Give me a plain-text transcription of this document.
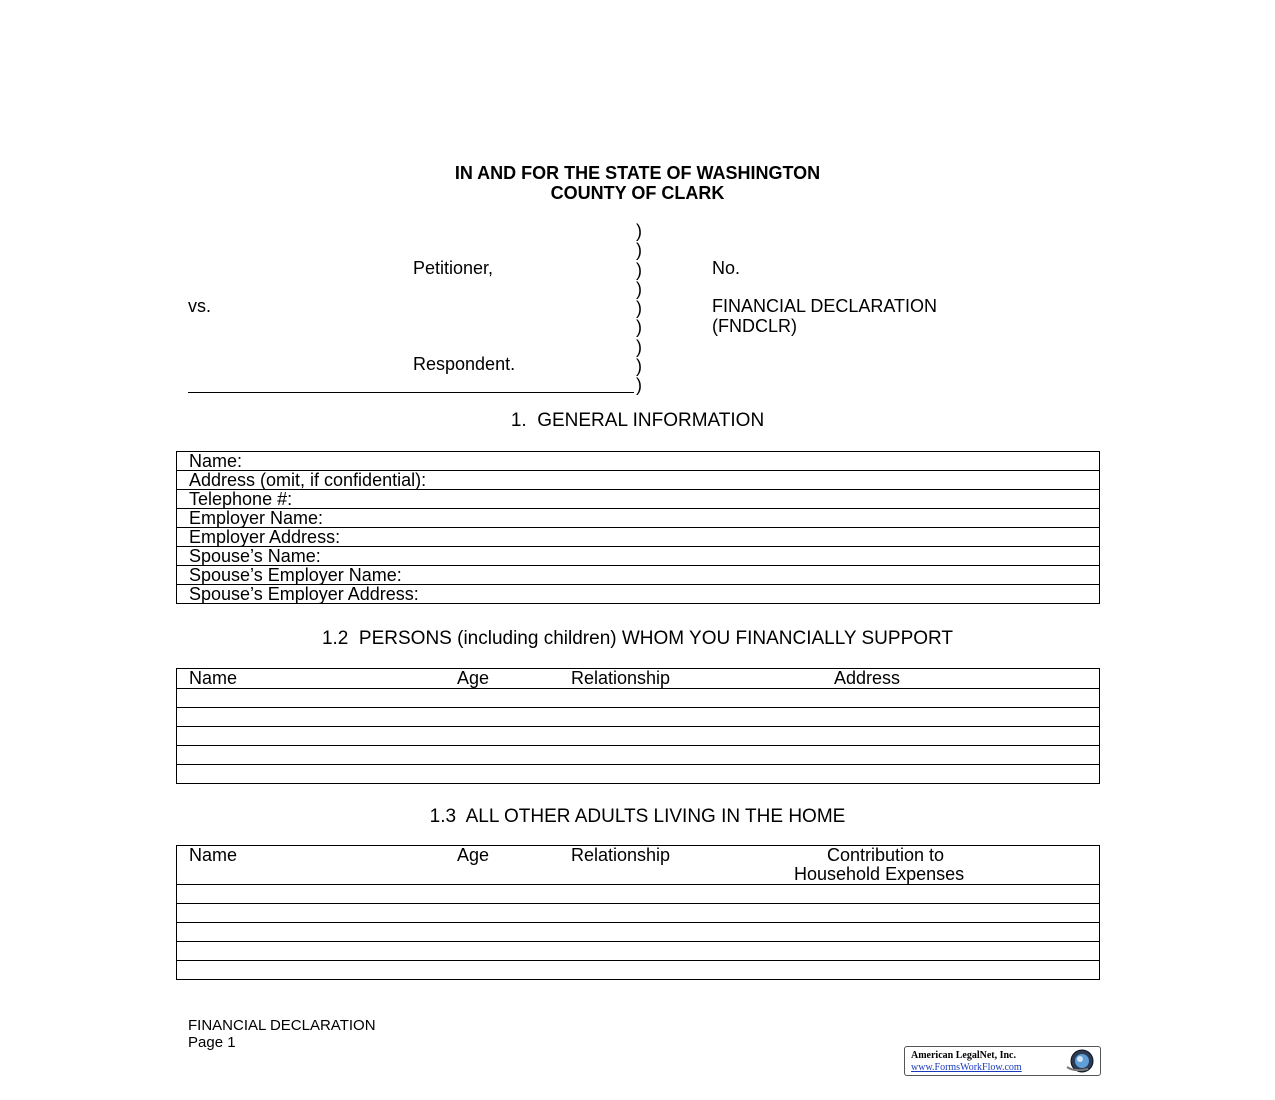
IN AND FOR THE STATE OF WASHINGTON
COUNTY OF CLARK
Petitioner,
vs.
Respondent.
)
)
)
)
)
)
)
)
)
No.
FINANCIAL DECLARATION
(FNDCLR)
1.  GENERAL INFORMATION
Name:
Address (omit, if confidential):
Telephone #:
Employer Name:
Employer Address:
Spouse’s Name:
Spouse’s Employer Name:
Spouse’s Employer Address:
1.2  PERSONS (including children) WHOM YOU FINANCIALLY SUPPORT
Name	Age	Relationship	Address

1.3  ALL OTHER ADULTS LIVING IN THE HOME
Name	Age	Relationship	Contribution to
Household Expenses

FINANCIAL DECLARATION
Page 1
American LegalNet, Inc.
www.FormsWorkFlow.com
